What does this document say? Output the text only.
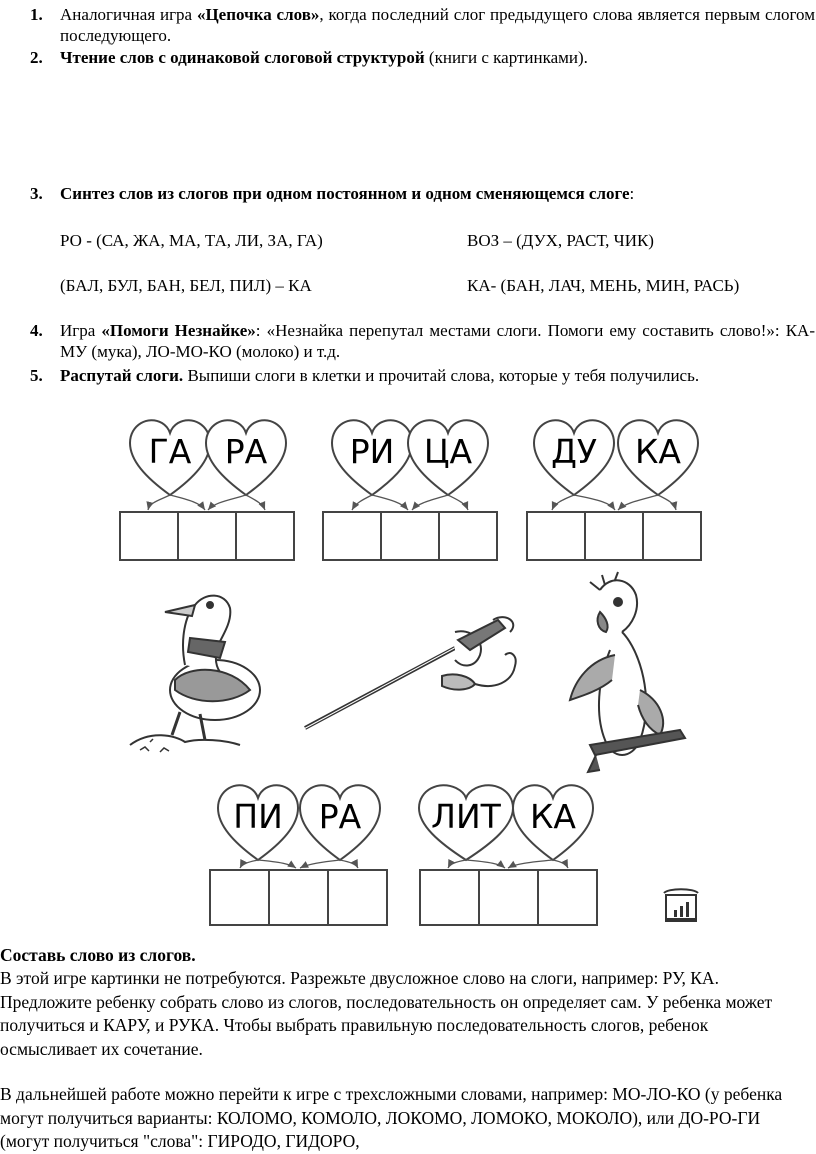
1. Аналогичная игра «Цепочка слов», когда последний слог предыдущего слова является первым слогом последующего.
2. Чтение слов с одинаковой слоговой структурой (книги с картинками).
3. Синтез слов из слогов при одном постоянном и одном сменяющемся слоге:
РО - (СА, ЖА, МА, ТА, ЛИ, ЗА, ГА)	ВОЗ – (ДУХ, РАСТ, ЧИК)
(БАЛ, БУЛ, БАН, БЕЛ, ПИЛ) – КА	КА- (БАН, ЛАЧ, МЕНЬ, МИН, РАСЬ)
4. Игра «Помоги Незнайке»: «Незнайка перепутал местами слоги. Помоги ему составить слово!»: КА-МУ (мука), ЛО-МО-КО (молоко) и т.д.
5. Распутай слоги. Выпиши слоги в клетки и прочитай слова, которые у тебя получились.
ГА РА РИ ЦА ДУ КА
ПИ РА ЛИТ КА
Составь слово из слогов.
В этой игре картинки не потребуются. Разрежьте двусложное слово на слоги, например: РУ, КА. Предложите ребенку собрать слово из слогов, последовательность он определяет сам. У ребенка может получиться и КАРУ, и РУКА. Чтобы выбрать правильную последовательность слогов, ребенок осмысливает их сочетание.
В дальнейшей работе можно перейти к игре с трехсложными словами, например: МО-ЛО-КО (у ребенка могут получиться варианты: КОЛОМО, КОМОЛО, ЛОКОМО, ЛОМОКО, МОКОЛО), или ДО-РО-ГИ (могут получиться "слова": ГИРОДО, ГИДОРО,
